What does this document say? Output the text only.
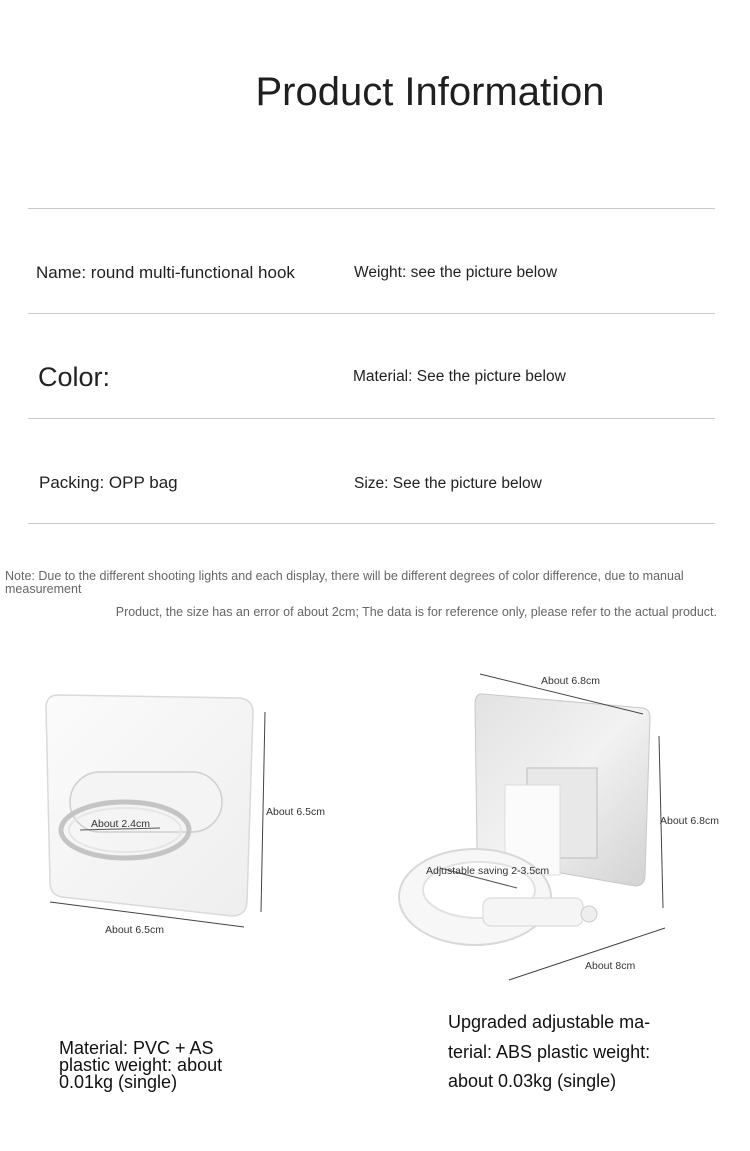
Product Information
Name: round multi-functional hook	Weight: see the picture below
Color:	Material: See the picture below
Packing: OPP bag	Size: See the picture below
Note: Due to the different shooting lights and each display, there will be different degrees of color difference, due to manual measurement
Product, the size has an error of about 2cm; The data is for reference only, please refer to the actual product.
About 2.4cm
About 6.5cm
About 6.5cm
About 6.8cm
About 6.8cm
Adjustable saving 2-3.5cm
About 8cm
Material: PVC + AS
plastic weight: about
0.01kg (single)
Upgraded adjustable ma-
terial: ABS plastic weight:
about 0.03kg (single)
